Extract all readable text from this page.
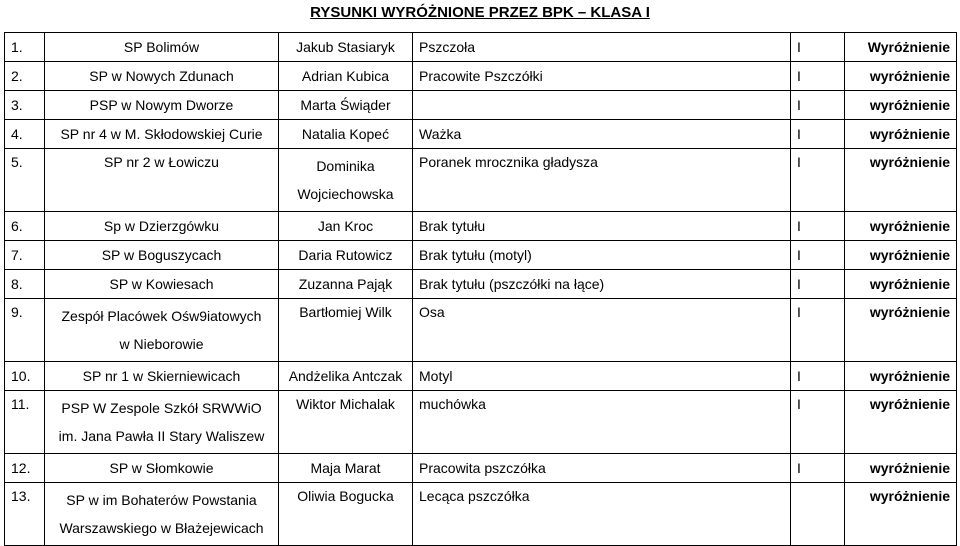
RYSUNKI WYRÓŻNIONE PRZEZ BPK – KLASA I
1.	SP Bolimów	Jakub Stasiaryk	Pszczoła	I	Wyróżnienie
2.	SP w Nowych Zdunach	Adrian Kubica	Pracowite Pszczółki	I	wyróżnienie
3.	PSP w Nowym Dworze	Marta Świąder		I	wyróżnienie
4.	SP nr 4 w M. Skłodowskiej Curie	Natalia Kopeć	Ważka	I	wyróżnienie
5.	SP nr 2 w Łowiczu	Dominika
Wojciechowska	Poranek mrocznika gładysza	I	wyróżnienie
6.	Sp w Dzierzgówku	Jan Kroc	Brak tytułu	I	wyróżnienie
7.	SP w Boguszycach	Daria Rutowicz	Brak tytułu (motyl)	I	wyróżnienie
8.	SP w Kowiesach	Zuzanna Pająk	Brak tytułu (pszczółki na łące)	I	wyróżnienie
9.	Zespół Placówek Ośw9iatowych
w Nieborowie	Bartłomiej Wilk	Osa	I	wyróżnienie
10.	SP nr 1 w Skierniewicach	Andżelika Antczak	Motyl	I	wyróżnienie
11.	PSP W Zespole Szkół SRWWiO
im. Jana Pawła II Stary Waliszew	Wiktor Michalak	muchówka	I	wyróżnienie
12.	SP w Słomkowie	Maja Marat	Pracowita pszczółka	I	wyróżnienie
13.	SP w im Bohaterów Powstania
Warszawskiego w Błażejewicach	Oliwia Bogucka	Lecąca pszczółka		wyróżnienie
